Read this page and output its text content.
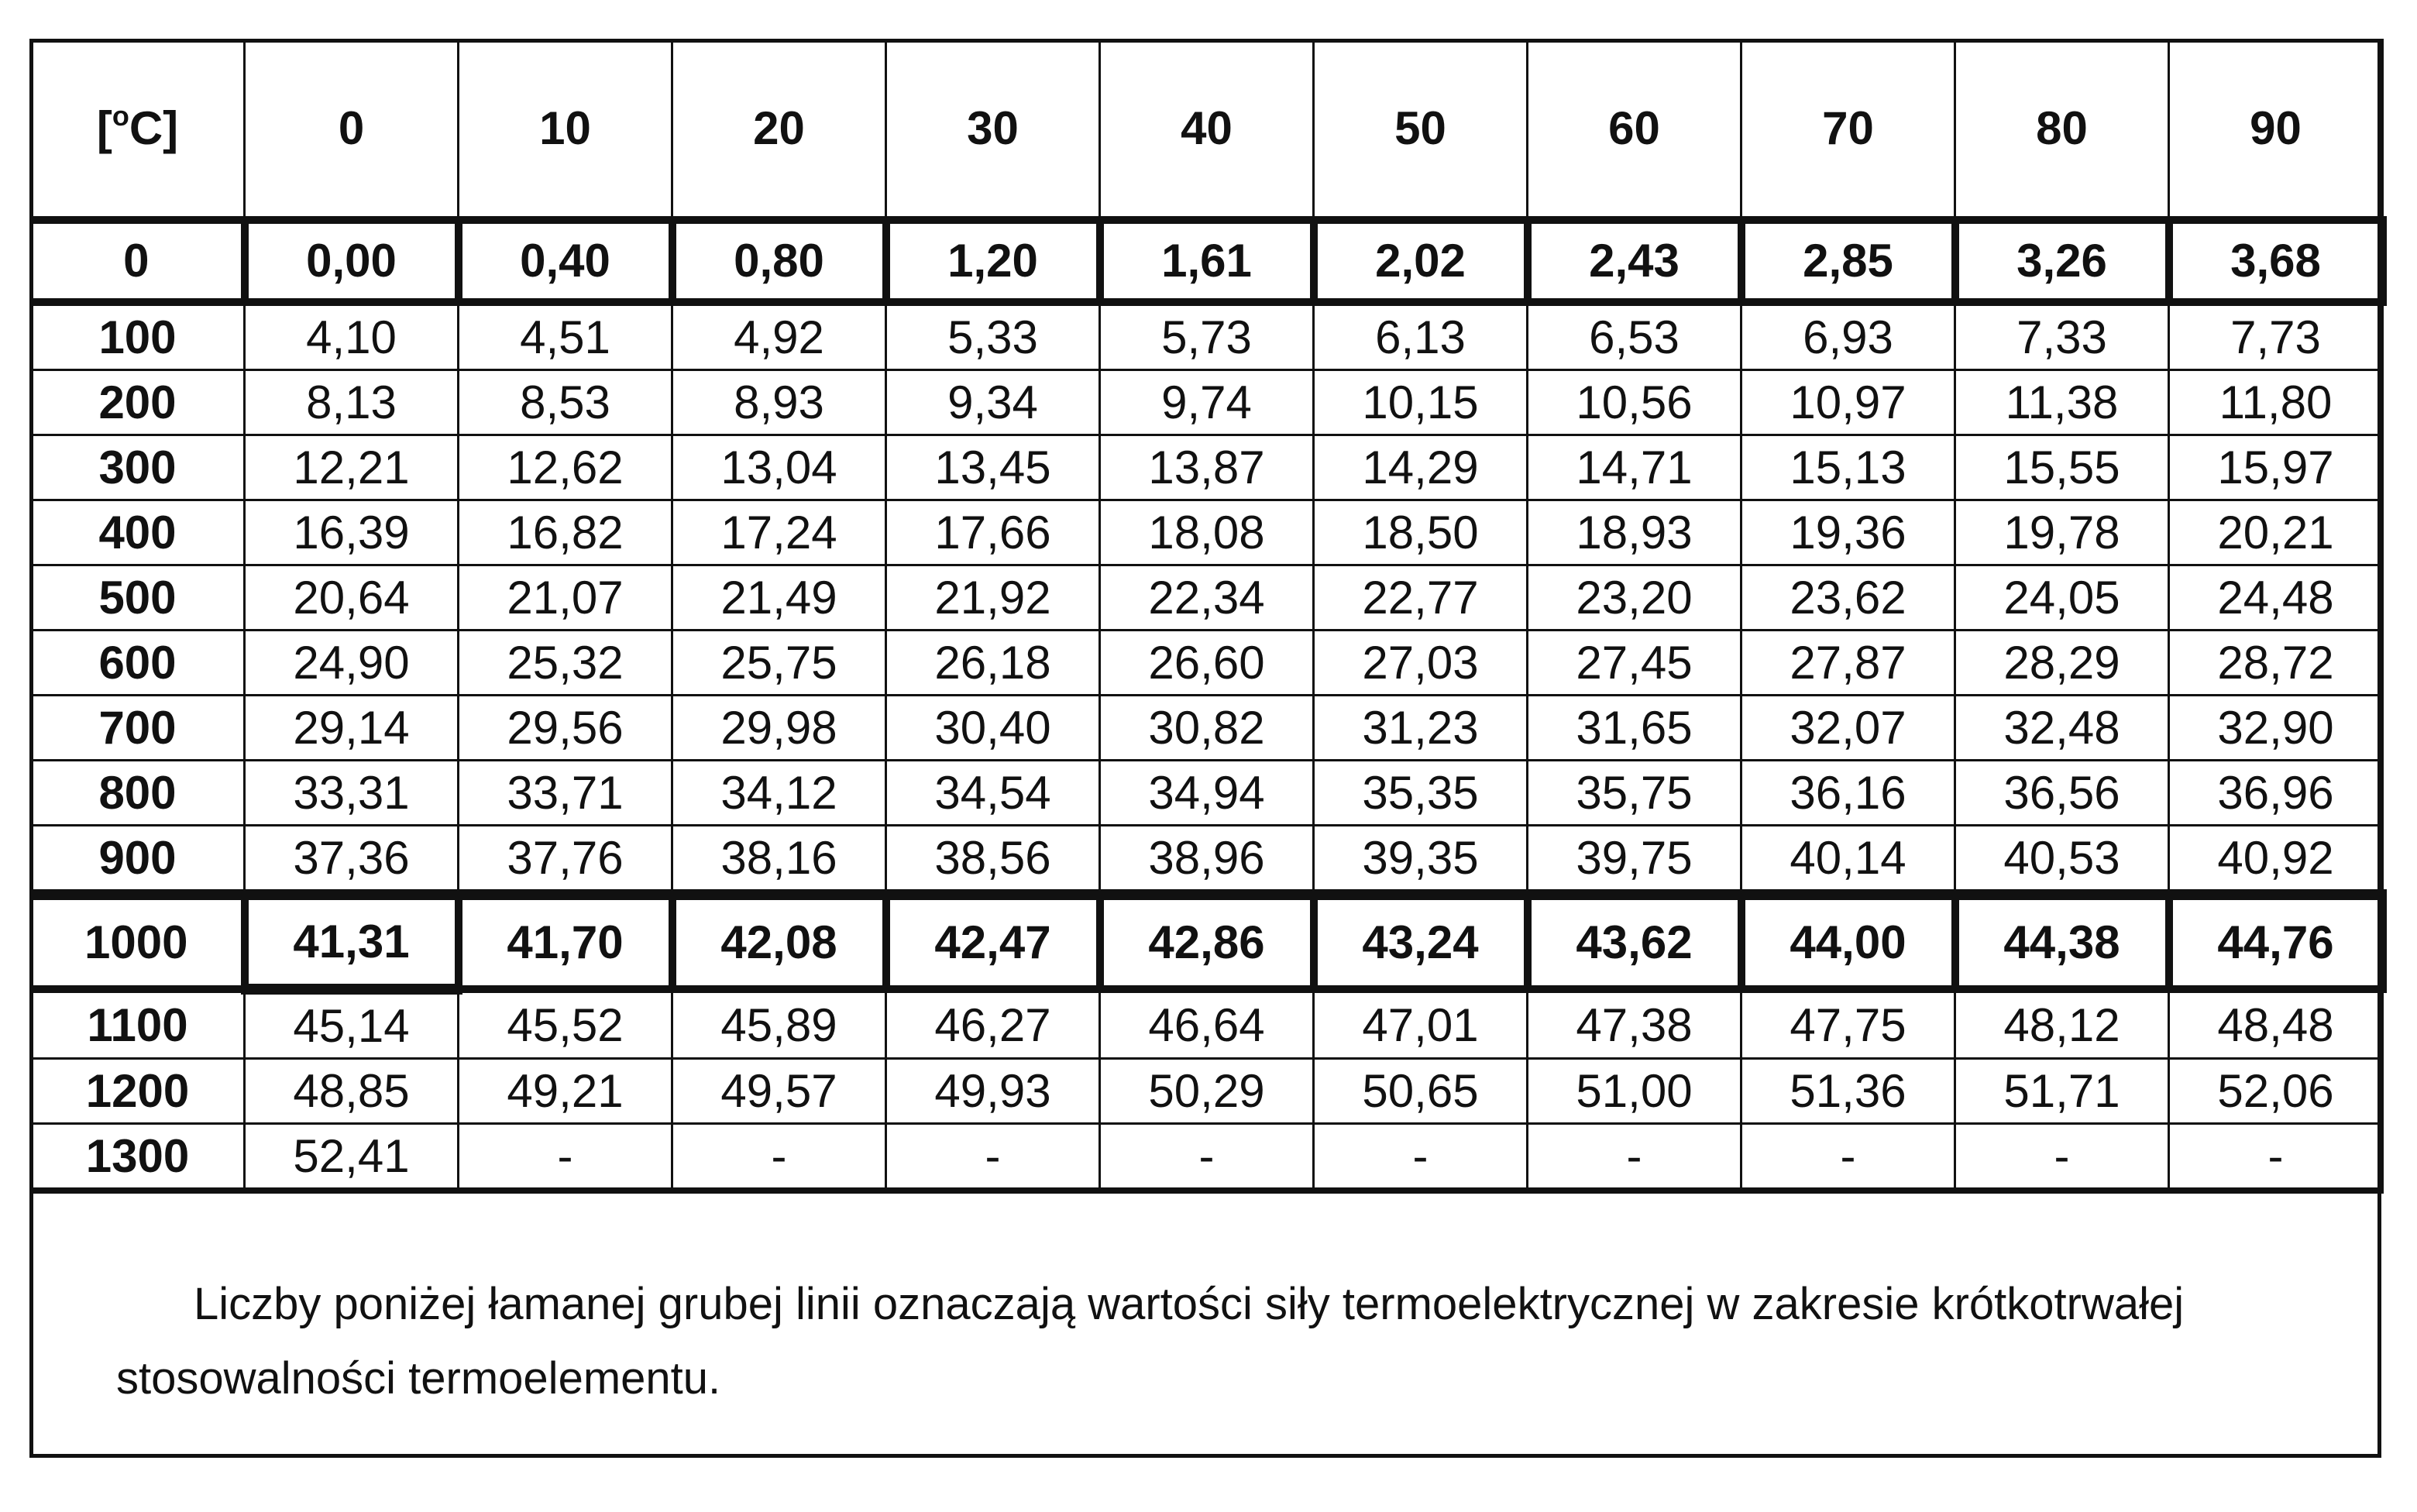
[$^o$C]	0	10	20	30	40	50	60	70	80	90
0	0,00	0,40	0,80	1,20	1,61	2,02	2,43	2,85	3,26	3,68
100	4,10	4,51	4,92	5,33	5,73	6,13	6,53	6,93	7,33	7,73
200	8,13	8,53	8,93	9,34	9,74	10,15	10,56	10,97	11,38	11,80
300	12,21	12,62	13,04	13,45	13,87	14,29	14,71	15,13	15,55	15,97
400	16,39	16,82	17,24	17,66	18,08	18,50	18,93	19,36	19,78	20,21
500	20,64	21,07	21,49	21,92	22,34	22,77	23,20	23,62	24,05	24,48
600	24,90	25,32	25,75	26,18	26,60	27,03	27,45	27,87	28,29	28,72
700	29,14	29,56	29,98	30,40	30,82	31,23	31,65	32,07	32,48	32,90
800	33,31	33,71	34,12	34,54	34,94	35,35	35,75	36,16	36,56	36,96
900	37,36	37,76	38,16	38,56	38,96	39,35	39,75	40,14	40,53	40,92
1000	41,31	41,70	42,08	42,47	42,86	43,24	43,62	44,00	44,38	44,76
1100	45,14	45,52	45,89	46,27	46,64	47,01	47,38	47,75	48,12	48,48
1200	48,85	49,21	49,57	49,93	50,29	50,65	51,00	51,36	51,71	52,06
1300	52,41	-	-	-	-	-	-	-	-	-

Liczby poniżej łamanej grubej linii oznaczają wartości siły termoelektrycznej w zakresie krótkotrwałej stosowalności termoelementu.
